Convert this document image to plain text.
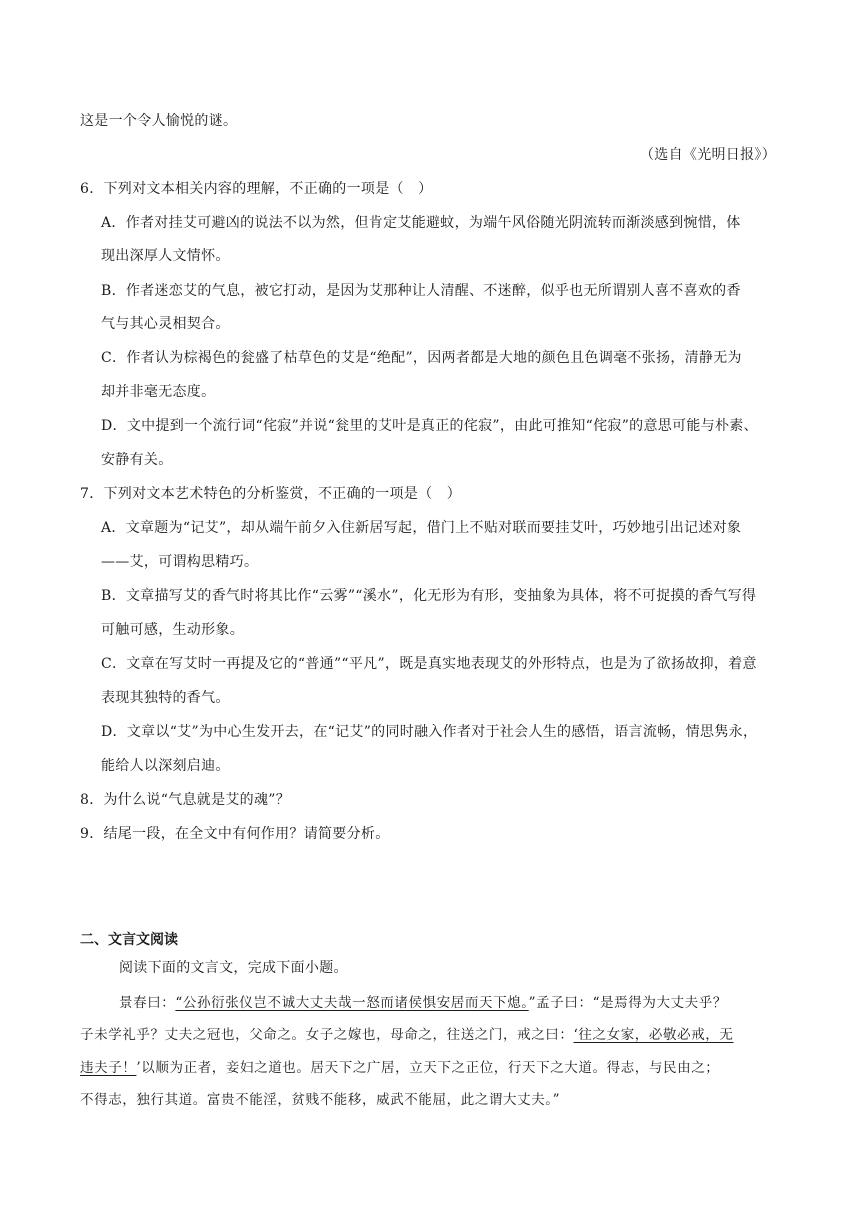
这是一个令人愉悦的谜。
（选自《光明日报》）
6．下列对文本相关内容的理解，不正确的一项是（　）
A．作者对挂艾可避凶的说法不以为然，但肯定艾能避蚊，为端午风俗随光阴流转而渐淡感到惋惜，体
现出深厚人文情怀。
B．作者迷恋艾的气息，被它打动，是因为艾那种让人清醒、不迷醉，似乎也无所谓别人喜不喜欢的香
气与其心灵相契合。
C．作者认为棕褐色的瓮盛了枯草色的艾是“绝配”，因两者都是大地的颜色且色调毫不张扬，清静无为
却并非毫无态度。
D．文中提到一个流行词“侘寂”并说“瓮里的艾叶是真正的侘寂”，由此可推知“侘寂”的意思可能与朴素、
安静有关。
7．下列对文本艺术特色的分析鉴赏，不正确的一项是（　）
A．文章题为“记艾”，却从端午前夕入住新居写起，借门上不贴对联而要挂艾叶，巧妙地引出记述对象
——艾，可谓构思精巧。
B．文章描写艾的香气时将其比作“云雾”“溪水”，化无形为有形，变抽象为具体，将不可捉摸的香气写得
可触可感，生动形象。
C．文章在写艾时一再提及它的“普通”“平凡”，既是真实地表现艾的外形特点，也是为了欲扬故抑，着意
表现其独特的香气。
D．文章以“艾”为中心生发开去，在“记艾”的同时融入作者对于社会人生的感悟，语言流畅，情思隽永，
能给人以深刻启迪。
8．为什么说“气息就是艾的魂”？
9．结尾一段，在全文中有何作用？请简要分析。
二、文言文阅读
阅读下面的文言文，完成下面小题。
景春曰：“公孙衍张仪岂不诚大丈夫哉一怒而诸侯惧安居而天下熄。”孟子曰：“是焉得为大丈夫乎？
子未学礼乎？丈夫之冠也，父命之。女子之嫁也，母命之，往送之门，戒之曰：‘往之女家，必敬必戒，无
违夫子！’以顺为正者，妾妇之道也。居天下之广居，立天下之正位，行天下之大道。得志，与民由之；
不得志，独行其道。富贵不能淫，贫贱不能移，威武不能屈，此之谓大丈夫。”
